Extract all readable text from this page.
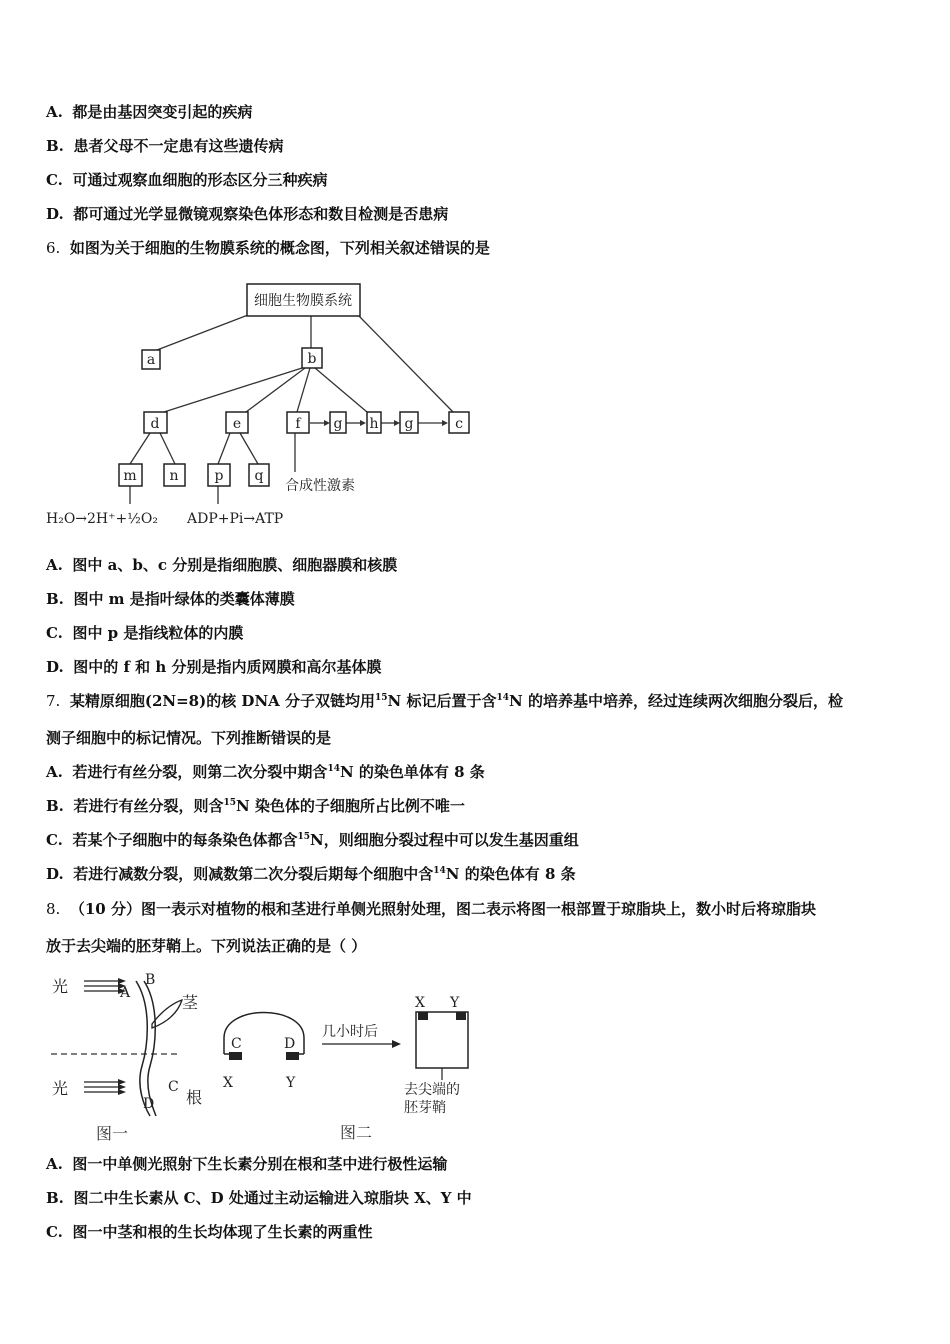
A. 都是由基因突变引起的疾病
B. 患者父母不一定患有这些遗传病
C. 可通过观察血细胞的形态区分三种疾病
D. 都可通过光学显微镜观察染色体形态和数目检测是否患病
6. 如图为关于细胞的生物膜系统的概念图，下列相关叙述错误的是
细胞生物膜系统
a	b
d	e	f g h g	c
m n	p q
合成性激素
H₂O→2H⁺+½O₂ ADP+Pi→ATP
A. 图中 a、b、c 分别是指细胞膜、细胞器膜和核膜
B. 图中 m 是指叶绿体的类囊体薄膜
C. 图中 p 是指线粒体的内膜
D. 图中的 f 和 h 分别是指内质网膜和高尔基体膜
7. 某精原细胞(2N=8)的核 DNA 分子双链均用$^{15}$N 标记后置于含$^{14}$N 的培养基中培养，经过连续两次细胞分裂后，检
测子细胞中的标记情况。下列推断错误的是
A. 若进行有丝分裂，则第二次分裂中期含$^{14}$N 的染色单体有 8 条
B. 若进行有丝分裂，则含$^{15}$N 染色体的子细胞所占比例不唯一
C. 若某个子细胞中的每条染色体都含$^{15}$N，则细胞分裂过程中可以发生基因重组
D. 若进行减数分裂，则减数第二次分裂后期每个细胞中含$^{14}$N 的染色体有 8 条
8. （10 分）图一表示对植物的根和茎进行单侧光照射处理，图二表示将图一根部置于琼脂块上，数小时后将琼脂块
放于去尖端的胚芽鞘上。下列说法正确的是（ ）
光
光
A
B
茎
C
D 根
图一
C	D
X	Y
几小时后
X Y
去尖端的
胚芽鞘
图二
A. 图一中单侧光照射下生长素分别在根和茎中进行极性运输
B. 图二中生长素从 C、D 处通过主动运输进入琼脂块 X、Y 中
C. 图一中茎和根的生长均体现了生长素的两重性
